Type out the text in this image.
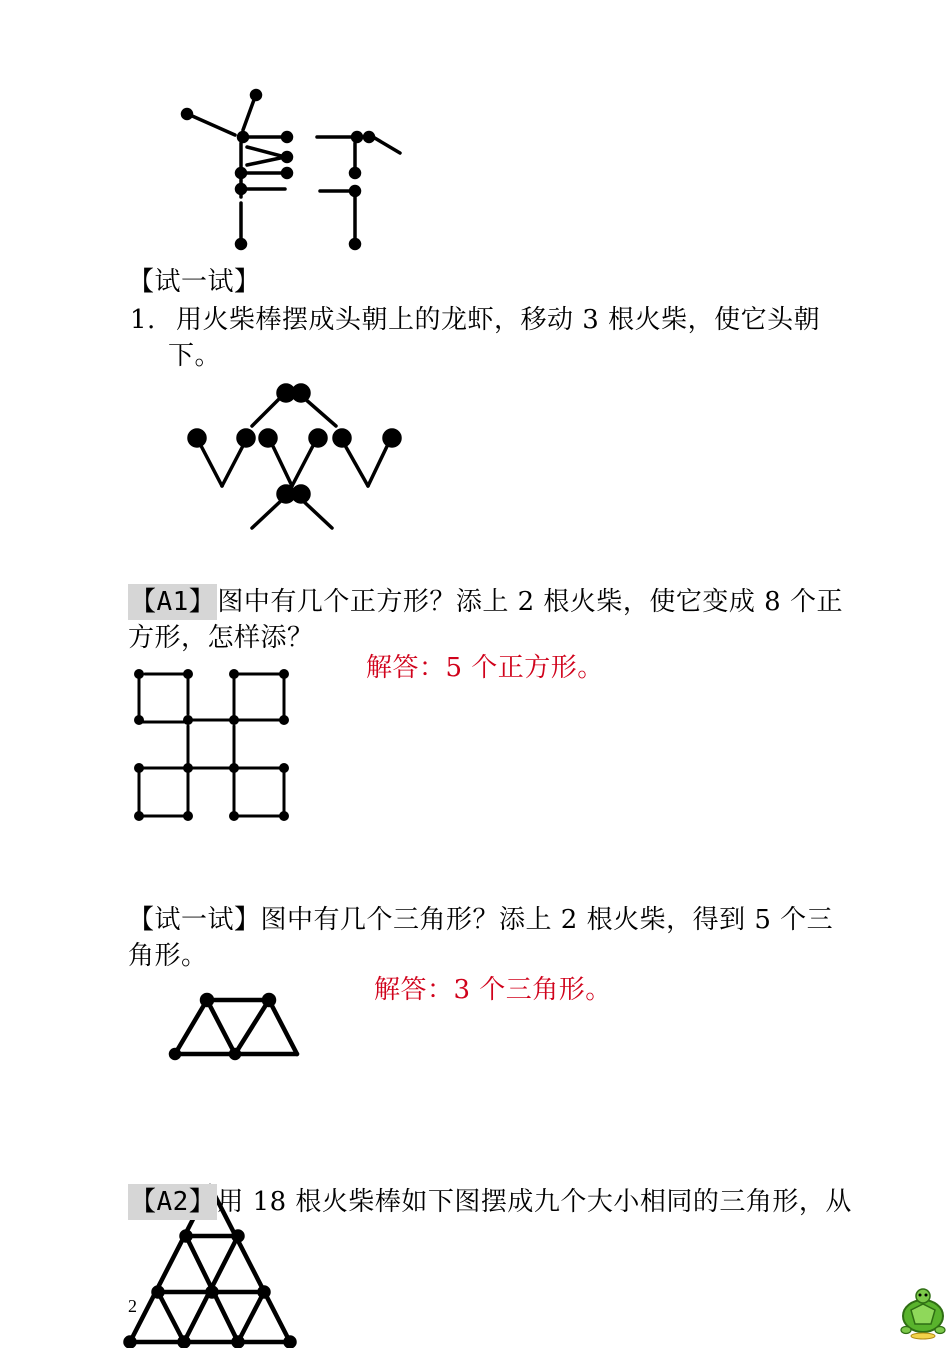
【试一试】
1. 用火柴棒摆成头朝上的龙虾，移动 3 根火柴，使它头朝
下。
【A1】图中有几个正方形？添上 2 根火柴，使它变成 8 个正
方形，怎样添？
解答：5 个正方形。
【试一试】图中有几个三角形？添上 2 根火柴，得到 5 个三
角形。
解答：3 个三角形。
【A2】用 18 根火柴棒如下图摆成九个大小相同的三角形，从
2
